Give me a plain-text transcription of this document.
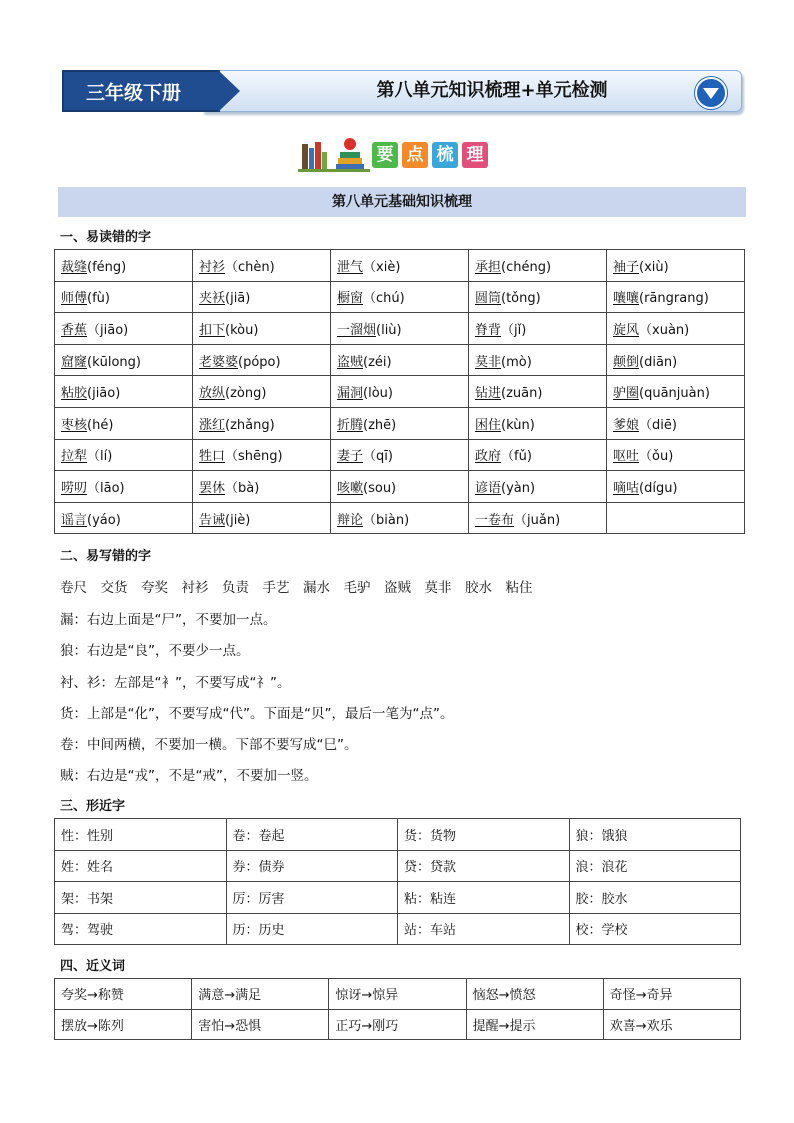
三年级下册	第八单元知识梳理+单元检测
要 点 梳 理
第八单元基础知识梳理
一、易读错的字
裁缝(féng)	衬衫（chèn)	泄气（xiè)	承担(chéng)	袖子(xiù)
师傅(fù)	夹袄(jiā)	橱窗（chú)	圆筒(tǒng)	嚷嚷(rāngrang)
香蕉（jiāo)	扣下(kòu)	一溜烟(liù)	脊背（jǐ)	旋风（xuàn)
窟窿(kūlong)	老婆婆(pópo)	盗贼(zéi)	莫非(mò)	颠倒(diān)
粘胶(jiāo)	放纵(zòng)	漏洞(lòu)	钻进(zuān)	驴圈(quānjuàn)
枣核(hé)	涨红(zhǎng)	折腾(zhē)	困住(kùn)	爹娘（diē)
拉犁（lí)	牲口（shēng)	妻子（qī)	政府（fǔ)	呕吐（ǒu)
唠叨（lāo)	罢休（bà)	咳嗽(sou)	谚语(yàn)	嘀咕(dígu)
谣言(yáo)	告诫(jiè)	辩论（biàn)	一卷布（juǎn)	
二、易写错的字
卷尺　交货　夸奖　衬衫　负责　手艺　漏水　毛驴　盗贼　莫非　胶水　粘住
漏：右边上面是“尸”，不要加一点。
狼：右边是“良”，不要少一点。
衬、衫：左部是“衤”，不要写成“礻”。
货：上部是“化”，不要写成“代”。下面是“贝”，最后一笔为“点”。
卷：中间两横，不要加一横。下部不要写成“巳”。
贼：右边是“戎”，不是“戒”，不要加一竖。
三、形近字
性：性别	卷：卷起	货：货物	狼：饿狼
姓：姓名	券：债券	贷：贷款	浪：浪花
架：书架	厉：厉害	粘：粘连	胶：胶水
驾：驾驶	历：历史	站：车站	校：学校
四、近义词
夸奖→称赞	满意→满足	惊讶→惊异	恼怒→愤怒	奇怪→奇异
摆放→陈列	害怕→恐惧	正巧→刚巧	提醒→提示	欢喜→欢乐
